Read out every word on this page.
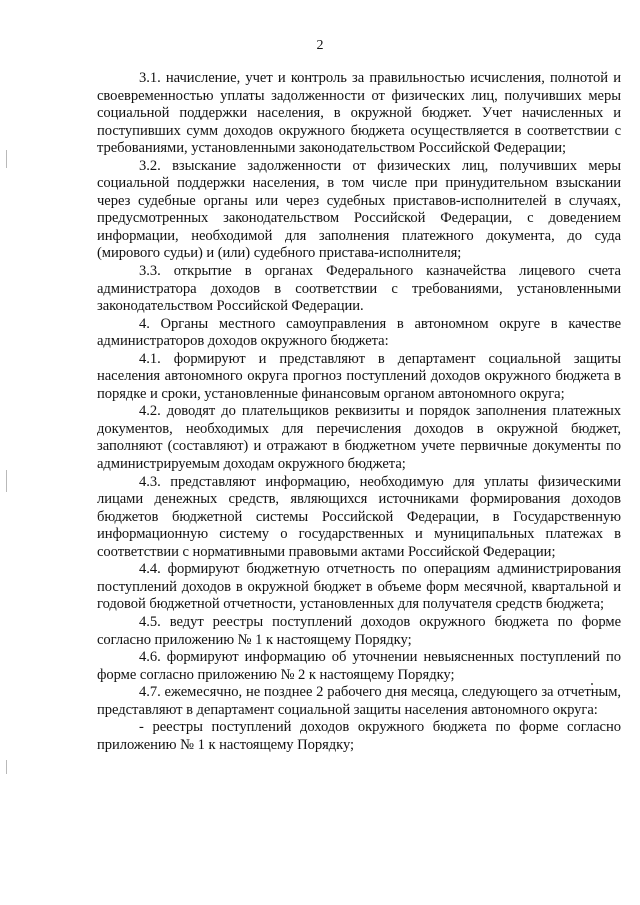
2

3.1. начисление, учет и контроль за правильностью исчисления, полнотой и своевременностью уплаты задолженности от физических лиц, получивших меры социальной поддержки населения, в окружной бюджет. Учет начисленных и поступивших сумм доходов окружного бюджета осуществляется в соответствии с требованиями, установленными законодательством Российской Федерации;

3.2. взыскание задолженности от физических лиц, получивших меры социальной поддержки населения, в том числе при принудительном взыскании через судебные органы или через судебных приставов-исполнителей в случаях, предусмотренных законодательством Российской Федерации, с доведением информации, необходимой для заполнения платежного документа, до суда (мирового судьи) и (или) судебного пристава-исполнителя;

3.3. открытие в органах Федерального казначейства лицевого счета администратора доходов в соответствии с требованиями, установленными законодательством Российской Федерации.

4. Органы местного самоуправления в автономном округе в качестве администраторов доходов окружного бюджета:

4.1. формируют и представляют в департамент социальной защиты населения автономного округа прогноз поступлений доходов окружного бюджета в порядке и сроки, установленные финансовым органом автономного округа;

4.2. доводят до плательщиков реквизиты и порядок заполнения платежных документов, необходимых для перечисления доходов в окружной бюджет, заполняют (составляют) и отражают в бюджетном учете первичные документы по администрируемым доходам окружного бюджета;

4.3. представляют информацию, необходимую для уплаты физическими лицами денежных средств, являющихся источниками формирования доходов бюджетов бюджетной системы Российской Федерации, в Государственную информационную систему о государственных и муниципальных платежах в соответствии с нормативными правовыми актами Российской Федерации;

4.4. формируют бюджетную отчетность по операциям администрирования поступлений доходов в окружной бюджет в объеме форм месячной, квартальной и годовой бюджетной отчетности, установленных для получателя средств бюджета;

4.5. ведут реестры поступлений доходов окружного бюджета по форме согласно приложению № 1 к настоящему Порядку;

4.6. формируют информацию об уточнении невыясненных поступлений по форме согласно приложению № 2 к настоящему Порядку;

4.7. ежемесячно, не позднее 2 рабочего дня месяца, следующего за отчетным, представляют в департамент социальной защиты населения автономного округа:

- реестры поступлений доходов окружного бюджета по форме согласно приложению № 1 к настоящему Порядку;
